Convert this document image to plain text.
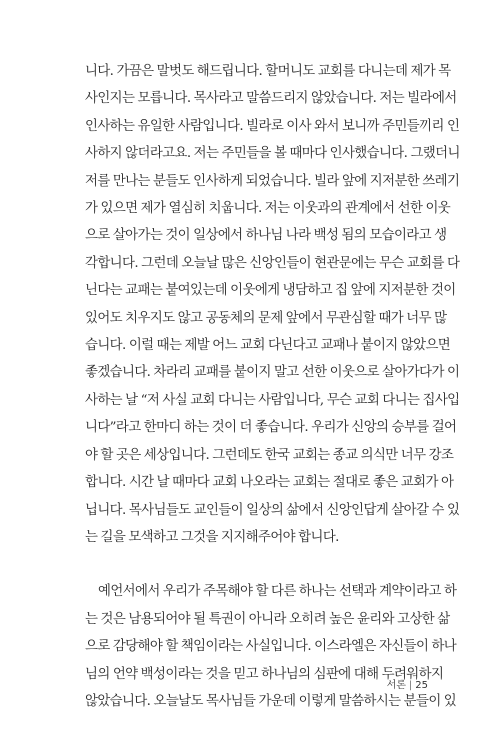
니다. 가끔은 말벗도 해드립니다. 할머니도 교회를 다니는데 제가 목
사인지는 모릅니다. 목사라고 말씀드리지 않았습니다. 저는 빌라에서
인사하는 유일한 사람입니다. 빌라로 이사 와서 보니까 주민들끼리 인
사하지 않더라고요. 저는 주민들을 볼 때마다 인사했습니다. 그랬더니
저를 만나는 분들도 인사하게 되었습니다. 빌라 앞에 지저분한 쓰레기
가 있으면 제가 열심히 치웁니다. 저는 이웃과의 관계에서 선한 이웃
으로 살아가는 것이 일상에서 하나님 나라 백성 됨의 모습이라고 생
각합니다. 그런데 오늘날 많은 신앙인들이 현관문에는 무슨 교회를 다
닌다는 교패는 붙여있는데 이웃에게 냉담하고 집 앞에 지저분한 것이
있어도 치우지도 않고 공동체의 문제 앞에서 무관심할 때가 너무 많
습니다. 이럴 때는 제발 어느 교회 다닌다고 교패나 붙이지 않았으면
좋겠습니다. 차라리 교패를 붙이지 말고 선한 이웃으로 살아가다가 이
사하는 날 “저 사실 교회 다니는 사람입니다, 무슨 교회 다니는 집사입
니다”라고 한마디 하는 것이 더 좋습니다. 우리가 신앙의 승부를 걸어
야 할 곳은 세상입니다. 그런데도 한국 교회는 종교 의식만 너무 강조
합니다. 시간 날 때마다 교회 나오라는 교회는 절대로 좋은 교회가 아
닙니다. 목사님들도 교인들이 일상의 삶에서 신앙인답게 살아갈 수 있
는 길을 모색하고 그것을 지지해주어야 합니다.
예언서에서 우리가 주목해야 할 다른 하나는 선택과 계약이라고 하
는 것은 남용되어야 될 특권이 아니라 오히려 높은 윤리와 고상한 삶
으로 감당해야 할 책임이라는 사실입니다. 이스라엘은 자신들이 하나
님의 언약 백성이라는 것을 믿고 하나님의 심판에 대해 두려워하지
않았습니다. 오늘날도 목사님들 가운데 이렇게 말씀하시는 분들이 있
서론 | 25
